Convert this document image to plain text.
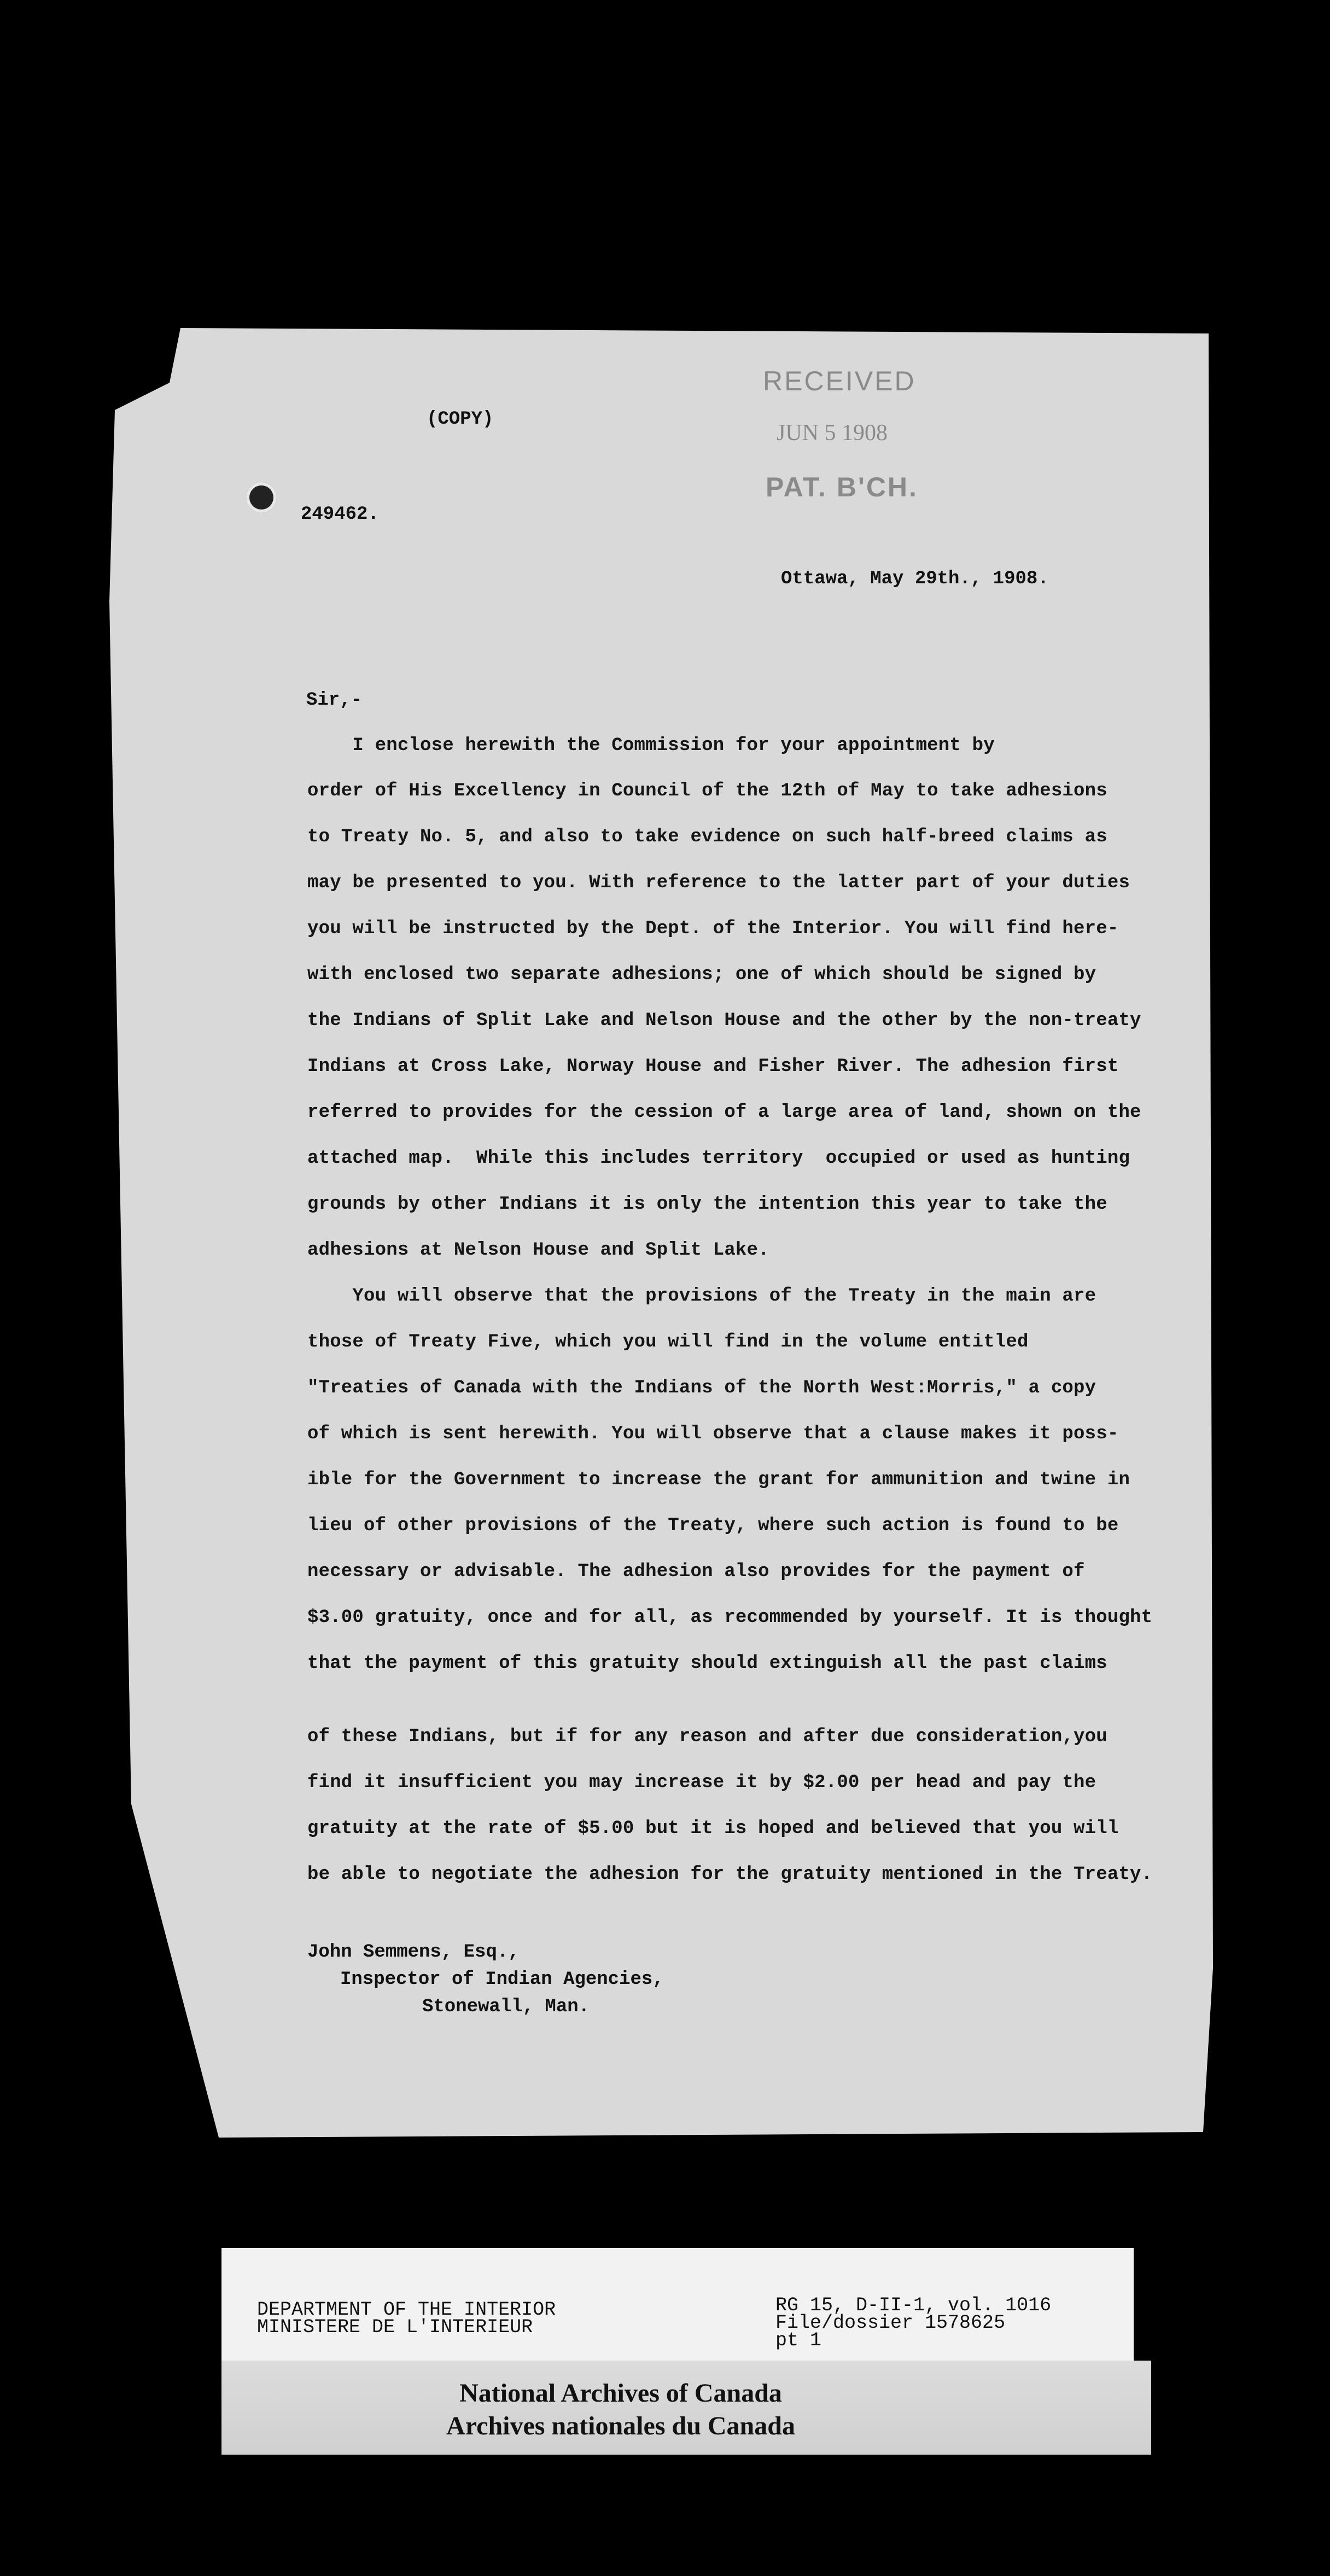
(COPY)
249462.
RECEIVED
JUN 5 1908
PAT. B'CH.
Ottawa, May 29th., 1908.
Sir,-
I enclose herewith the Commission for your appointment by
order of His Excellency in Council of the 12th of May to take adhesions
to Treaty No. 5, and also to take evidence on such half-breed claims as
may be presented to you. With reference to the latter part of your duties
you will be instructed by the Dept. of the Interior. You will find here-
with enclosed two separate adhesions; one of which should be signed by
the Indians of Split Lake and Nelson House and the other by the non-treaty
Indians at Cross Lake, Norway House and Fisher River. The adhesion first
referred to provides for the cession of a large area of land, shown on the
attached map.  While this includes territory  occupied or used as hunting
grounds by other Indians it is only the intention this year to take the
adhesions at Nelson House and Split Lake.
You will observe that the provisions of the Treaty in the main are
those of Treaty Five, which you will find in the volume entitled
"Treaties of Canada with the Indians of the North West:Morris," a copy
of which is sent herewith. You will observe that a clause makes it poss-
ible for the Government to increase the grant for ammunition and twine in
lieu of other provisions of the Treaty, where such action is found to be
necessary or advisable. The adhesion also provides for the payment of
$3.00 gratuity, once and for all, as recommended by yourself. It is thought
that the payment of this gratuity should extinguish all the past claims
of these Indians, but if for any reason and after due consideration,you
find it insufficient you may increase it by $2.00 per head and pay the
gratuity at the rate of $5.00 but it is hoped and believed that you will
be able to negotiate the adhesion for the gratuity mentioned in the Treaty.
John Semmens, Esq.,
Inspector of Indian Agencies,
Stonewall, Man.
DEPARTMENT OF THE INTERIOR
MINISTERE DE L'INTERIEUR
RG 15, D-II-1, vol. 1016
File/dossier 1578625
pt 1
National Archives of Canada
Archives nationales du Canada
